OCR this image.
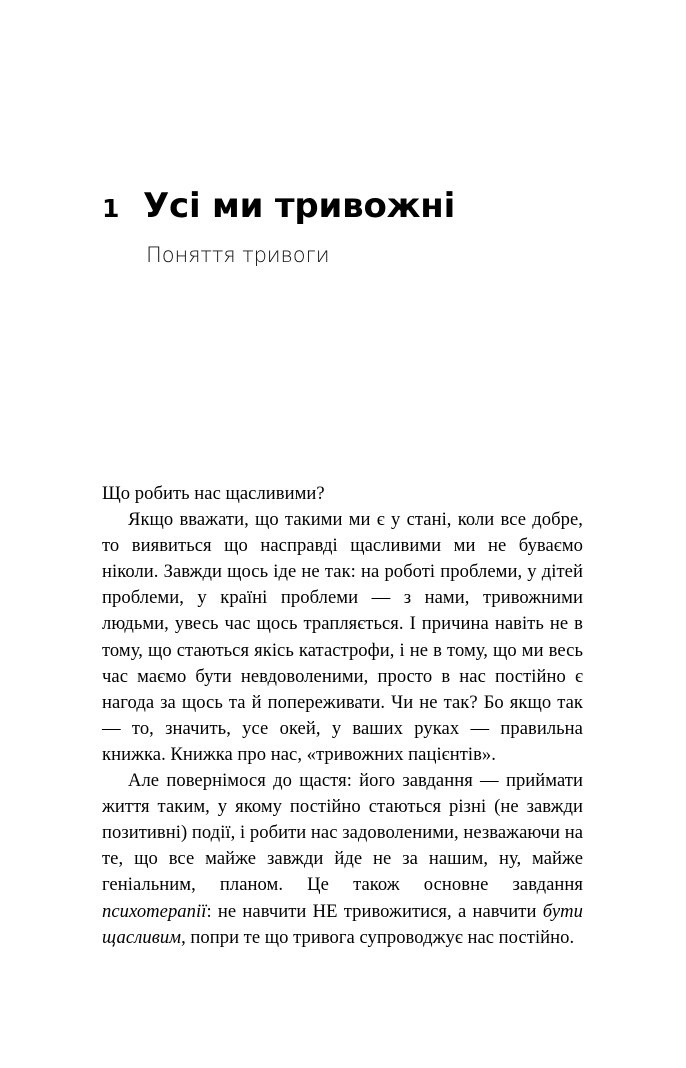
1 Усі ми тривожні
Поняття тривоги

Що робить нас щасливими?

Якщо вважати, що такими ми є у стані, коли все добре, то виявиться що насправді щасливими ми не буваємо ніколи. Завжди щось іде не так: на роботі проблеми, у дітей проблеми, у країні проблеми — з нами, тривожними людьми, увесь час щось трапляється. І причина навіть не в тому, що стаються якісь катастрофи, і не в тому, що ми весь час маємо бути невдоволеними, просто в нас постійно є нагода за щось та й попереживати. Чи не так? Бо якщо так — то, значить, усе окей, у ваших руках — правильна книжка. Книжка про нас, «тривожних пацієнтів».

Але повернімося до щастя: його завдання — приймати життя таким, у якому постійно стаються різні (не завжди позитивні) події, і робити нас задоволеними, незважаючи на те, що все майже завжди йде не за нашим, ну, майже геніальним, планом. Це також основне завдання психотерапії: не навчити НЕ тривожитися, а навчити бути щасливим, попри те що тривога супроводжує нас постійно.
